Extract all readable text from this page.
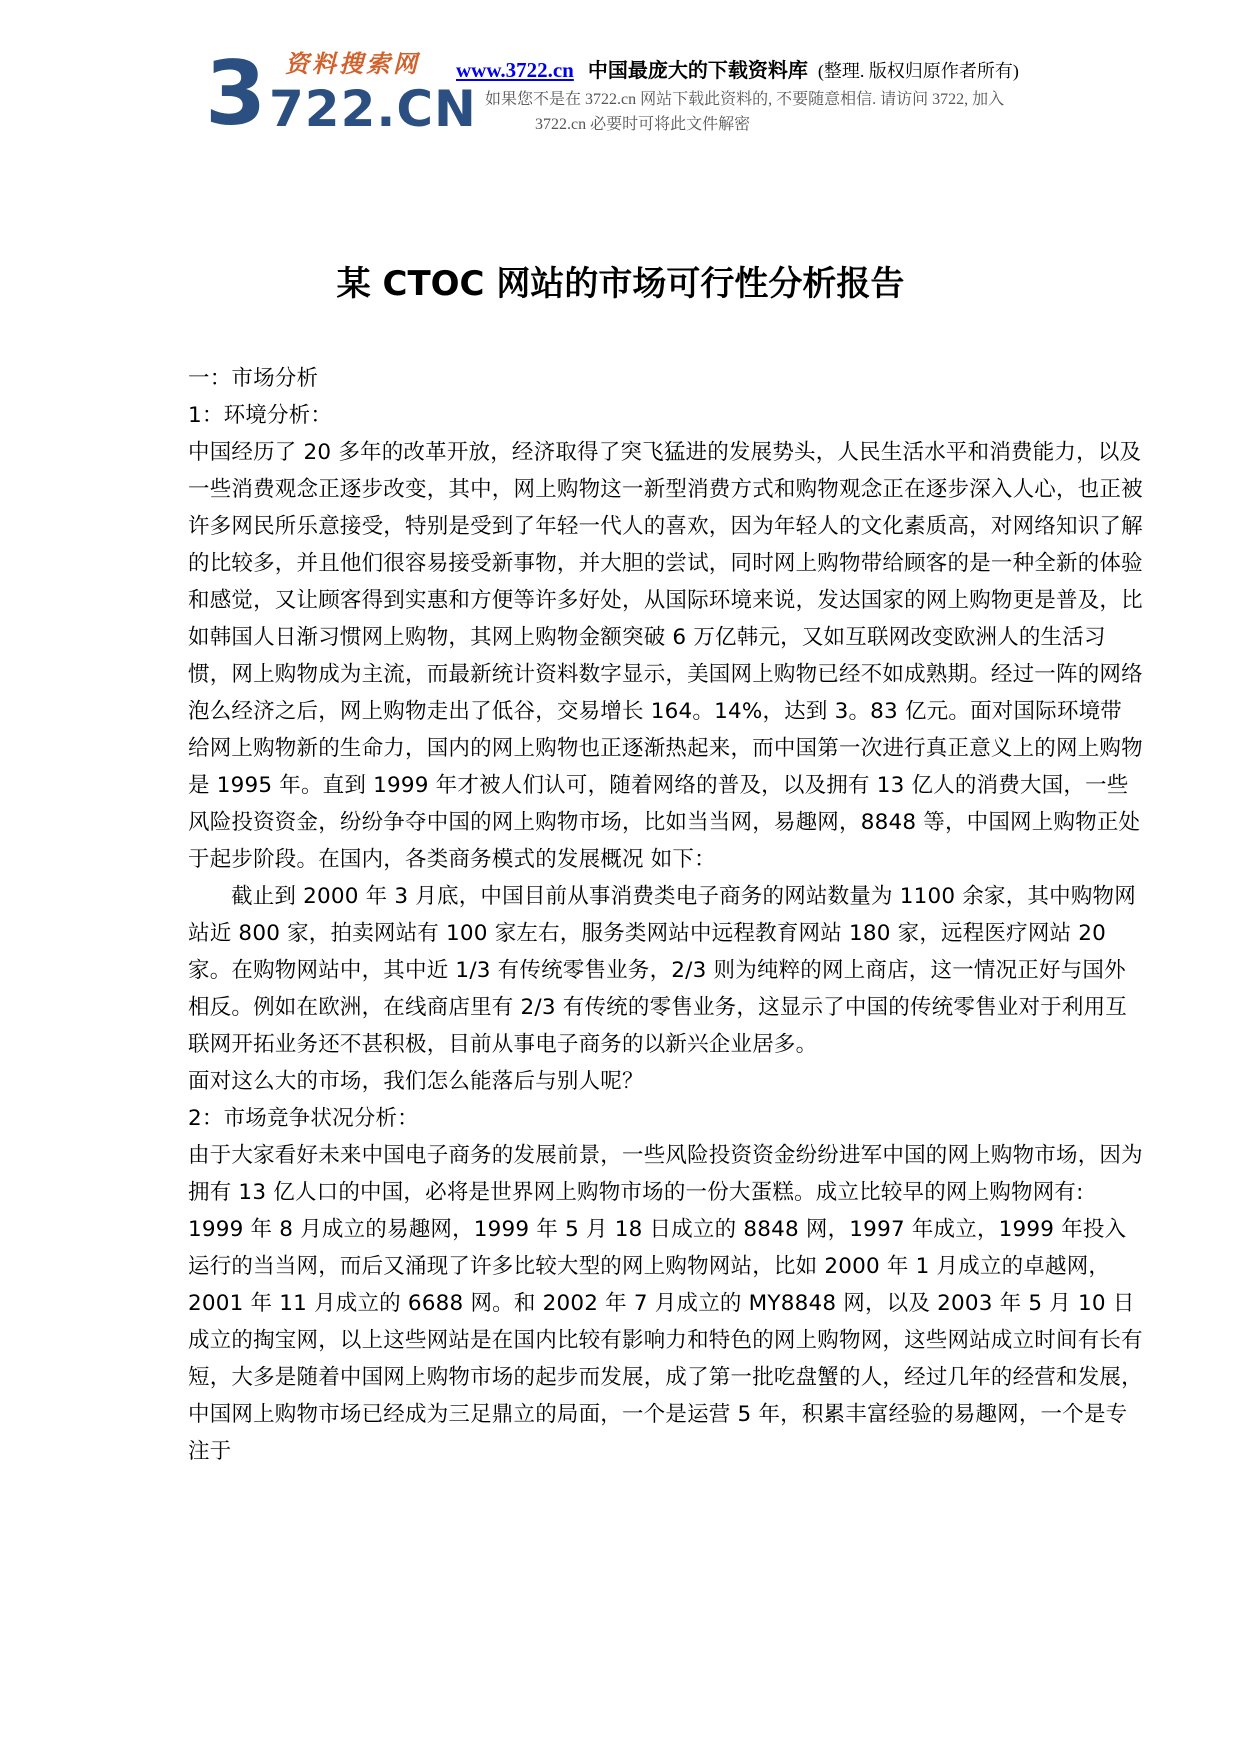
3 资料搜索网
722.CN
www.3722.cn 中国最庞大的下载资料库 (整理. 版权归原作者所有)
如果您不是在 3722.cn 网站下载此资料的, 不要随意相信. 请访问 3722, 加入
3722.cn 必要时可将此文件解密
某 CTOC 网站的市场可行性分析报告

一：市场分析

1：环境分析：

中国经历了 20 多年的改革开放，经济取得了突飞猛进的发展势头，人民生活水平和消费能力，以及一些消费观念正逐步改变，其中，网上购物这一新型消费方式和购物观念正在逐步深入人心，也正被许多网民所乐意接受，特别是受到了年轻一代人的喜欢，因为年轻人的文化素质高，对网络知识了解的比较多，并且他们很容易接受新事物，并大胆的尝试，同时网上购物带给顾客的是一种全新的体验和感觉，又让顾客得到实惠和方便等许多好处，从国际环境来说，发达国家的网上购物更是普及，比如韩国人日渐习惯网上购物，其网上购物金额突破 6 万亿韩元，又如互联网改变欧洲人的生活习惯，网上购物成为主流，而最新统计资料数字显示，美国网上购物已经不如成熟期。经过一阵的网络泡么经济之后，网上购物走出了低谷，交易增长 164。14%，达到 3。83 亿元。面对国际环境带给网上购物新的生命力，国内的网上购物也正逐渐热起来，而中国第一次进行真正意义上的网上购物是 1995 年。直到 1999 年才被人们认可，随着网络的普及，以及拥有 13 亿人的消费大国，一些风险投资资金，纷纷争夺中国的网上购物市场，比如当当网，易趣网，8848 等，中国网上购物正处于起步阶段。在国内，各类商务模式的发展概况 如下：

截止到 2000 年 3 月底，中国目前从事消费类电子商务的网站数量为 1100 余家，其中购物网站近 800 家，拍卖网站有 100 家左右，服务类网站中远程教育网站 180 家，远程医疗网站 20 家。在购物网站中，其中近 1/3 有传统零售业务，2/3 则为纯粹的网上商店，这一情况正好与国外相反。例如在欧洲，在线商店里有 2/3 有传统的零售业务，这显示了中国的传统零售业对于利用互联网开拓业务还不甚积极，目前从事电子商务的以新兴企业居多。

面对这么大的市场，我们怎么能落后与别人呢？

2：市场竞争状况分析：

由于大家看好未来中国电子商务的发展前景，一些风险投资资金纷纷进军中国的网上购物市场，因为拥有 13 亿人口的中国，必将是世界网上购物市场的一份大蛋糕。成立比较早的网上购物网有: 1999 年 8 月成立的易趣网，1999 年 5 月 18 日成立的 8848 网，1997 年成立，1999 年投入运行的当当网，而后又涌现了许多比较大型的网上购物网站，比如 2000 年 1 月成立的卓越网，2001 年 11 月成立的 6688 网。和 2002 年 7 月成立的 MY8848 网，以及 2003 年 5 月 10 日成立的掏宝网，以上这些网站是在国内比较有影响力和特色的网上购物网，这些网站成立时间有长有短，大多是随着中国网上购物市场的起步而发展，成了第一批吃盘蟹的人，经过几年的经营和发展，中国网上购物市场已经成为三足鼎立的局面，一个是运营 5 年，积累丰富经验的易趣网，一个是专注于
